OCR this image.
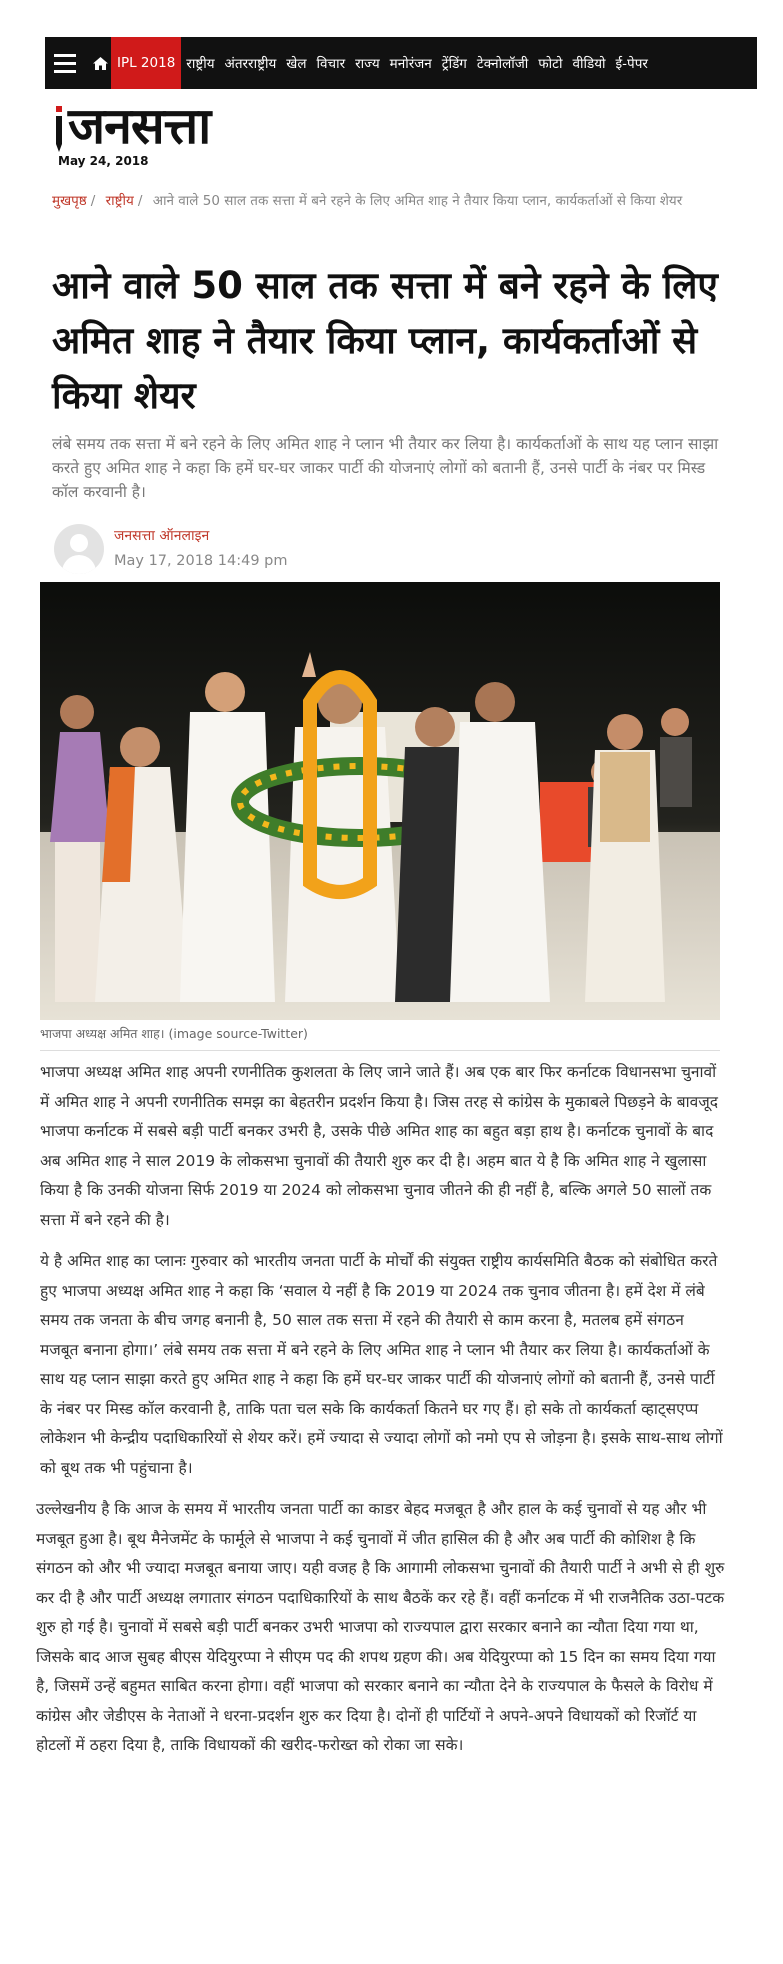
IPL 2018 राष्ट्रीय अंतरराष्ट्रीय खेल विचार राज्य मनोरंजन ट्रेंडिंग टेक्नोलॉजी फोटो वीडियो ई-पेपर
जनसत्ता
May 24, 2018
मुखपृष्ठ / राष्ट्रीय / आने वाले 50 साल तक सत्ता में बने रहने के लिए अमित शाह ने तैयार किया प्लान, कार्यकर्ताओं से किया शेयर
आने वाले 50 साल तक सत्ता में बने रहने के लिए अमित शाह ने तैयार किया प्लान, कार्यकर्ताओं से किया शेयर

लंबे समय तक सत्ता में बने रहने के लिए अमित शाह ने प्लान भी तैयार कर लिया है। कार्यकर्ताओं के साथ यह प्लान साझा करते हुए अमित शाह ने कहा कि हमें घर-घर जाकर पार्टी की योजनाएं लोगों को बतानी हैं, उनसे पार्टी के नंबर पर मिस्ड कॉल करवानी है।

जनसत्ता ऑनलाइन
May 17, 2018 14:49 pm
भाजपा अध्यक्ष अमित शाह। (image source-Twitter)

भाजपा अध्यक्ष अमित शाह अपनी रणनीतिक कुशलता के लिए जाने जाते हैं। अब एक बार फिर कर्नाटक विधानसभा चुनावों में अमित शाह ने अपनी रणनीतिक समझ का बेहतरीन प्रदर्शन किया है। जिस तरह से कांग्रेस के मुकाबले पिछड़ने के बावजूद भाजपा कर्नाटक में सबसे बड़ी पार्टी बनकर उभरी है, उसके पीछे अमित शाह का बहुत बड़ा हाथ है। कर्नाटक चुनावों के बाद अब अमित शाह ने साल 2019 के लोकसभा चुनावों की तैयारी शुरु कर दी है। अहम बात ये है कि अमित शाह ने खुलासा किया है कि उनकी योजना सिर्फ 2019 या 2024 को लोकसभा चुनाव जीतने की ही नहीं है, बल्कि अगले 50 सालों तक सत्ता में बने रहने की है।

ये है अमित शाह का प्लानः गुरुवार को भारतीय जनता पार्टी के मोर्चों की संयुक्त राष्ट्रीय कार्यसमिति बैठक को संबोधित करते हुए भाजपा अध्यक्ष अमित शाह ने कहा कि ‘सवाल ये नहीं है कि 2019 या 2024 तक चुनाव जीतना है। हमें देश में लंबे समय तक जनता के बीच जगह बनानी है, 50 साल तक सत्ता में रहने की तैयारी से काम करना है, मतलब हमें संगठन मजबूत बनाना होगा।’ लंबे समय तक सत्ता में बने रहने के लिए अमित शाह ने प्लान भी तैयार कर लिया है। कार्यकर्ताओं के साथ यह प्लान साझा करते हुए अमित शाह ने कहा कि हमें घर-घर जाकर पार्टी की योजनाएं लोगों को बतानी हैं, उनसे पार्टी के नंबर पर मिस्ड कॉल करवानी है, ताकि पता चल सके कि कार्यकर्ता कितने घर गए हैं। हो सके तो कार्यकर्ता व्हाट्सएप्प लोकेशन भी केन्द्रीय पदाधिकारियों से शेयर करें। हमें ज्यादा से ज्यादा लोगों को नमो एप से जोड़ना है। इसके साथ-साथ लोगों को बूथ तक भी पहुंचाना है।

उल्लेखनीय है कि आज के समय में भारतीय जनता पार्टी का काडर बेहद मजबूत है और हाल के कई चुनावों से यह और भी मजबूत हुआ है। बूथ मैनेजमेंट के फार्मूले से भाजपा ने कई चुनावों में जीत हासिल की है और अब पार्टी की कोशिश है कि संगठन को और भी ज्यादा मजबूत बनाया जाए। यही वजह है कि आगामी लोकसभा चुनावों की तैयारी पार्टी ने अभी से ही शुरु कर दी है और पार्टी अध्यक्ष लगातार संगठन पदाधिकारियों के साथ बैठकें कर रहे हैं। वहीं कर्नाटक में भी राजनैतिक उठा-पटक शुरु हो गई है। चुनावों में सबसे बड़ी पार्टी बनकर उभरी भाजपा को राज्यपाल द्वारा सरकार बनाने का न्यौता दिया गया था, जिसके बाद आज सुबह बीएस येदियुरप्पा ने सीएम पद की शपथ ग्रहण की। अब येदियुरप्पा को 15 दिन का समय दिया गया है, जिसमें उन्हें बहुमत साबित करना होगा। वहीं भाजपा को सरकार बनाने का न्यौता देने के राज्यपाल के फैसले के विरोध में कांग्रेस और जेडीएस के नेताओं ने धरना-प्रदर्शन शुरु कर दिया है। दोनों ही पार्टियों ने अपने-अपने विधायकों को रिजॉर्ट या होटलों में ठहरा दिया है, ताकि विधायकों की खरीद-फरोख्त को रोका जा सके।
